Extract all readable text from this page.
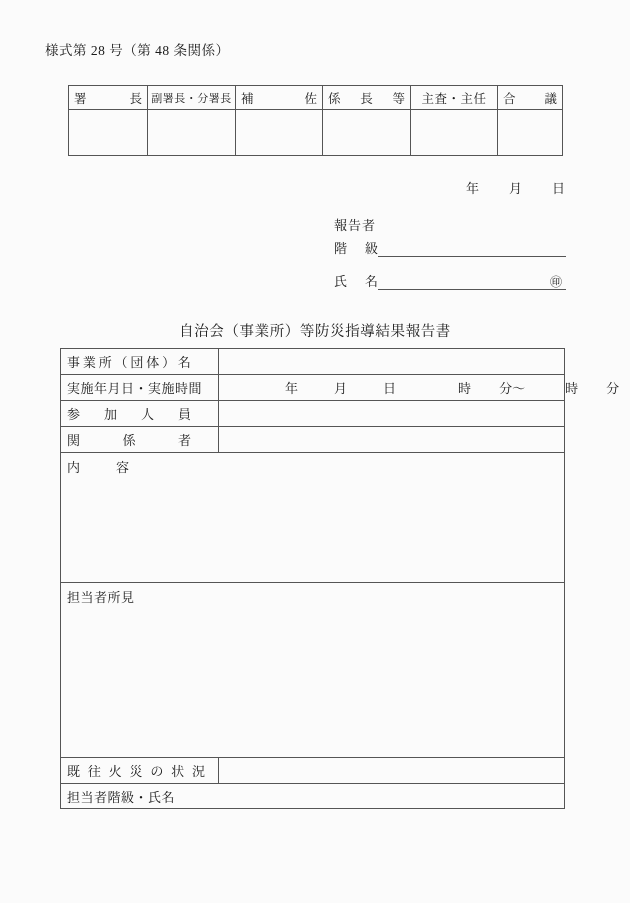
様式第 28 号（第 48 条関係）
署 長	副署長・分署長	補 佐	係 長 等	主査・主任	合 議

年 月 日
報告者
階 級
氏 名	㊞
自治会（事業所）等防災指導結果報告書
事 業 所 （ 団 体 ） 名

実施年月日・実施時間	年 月 日 時 分〜 時 分

参 加 人 員	

関 係 者	

内 容	

担当者所見	

既 往 火 災 の 状 況

担当者階級・氏名	
